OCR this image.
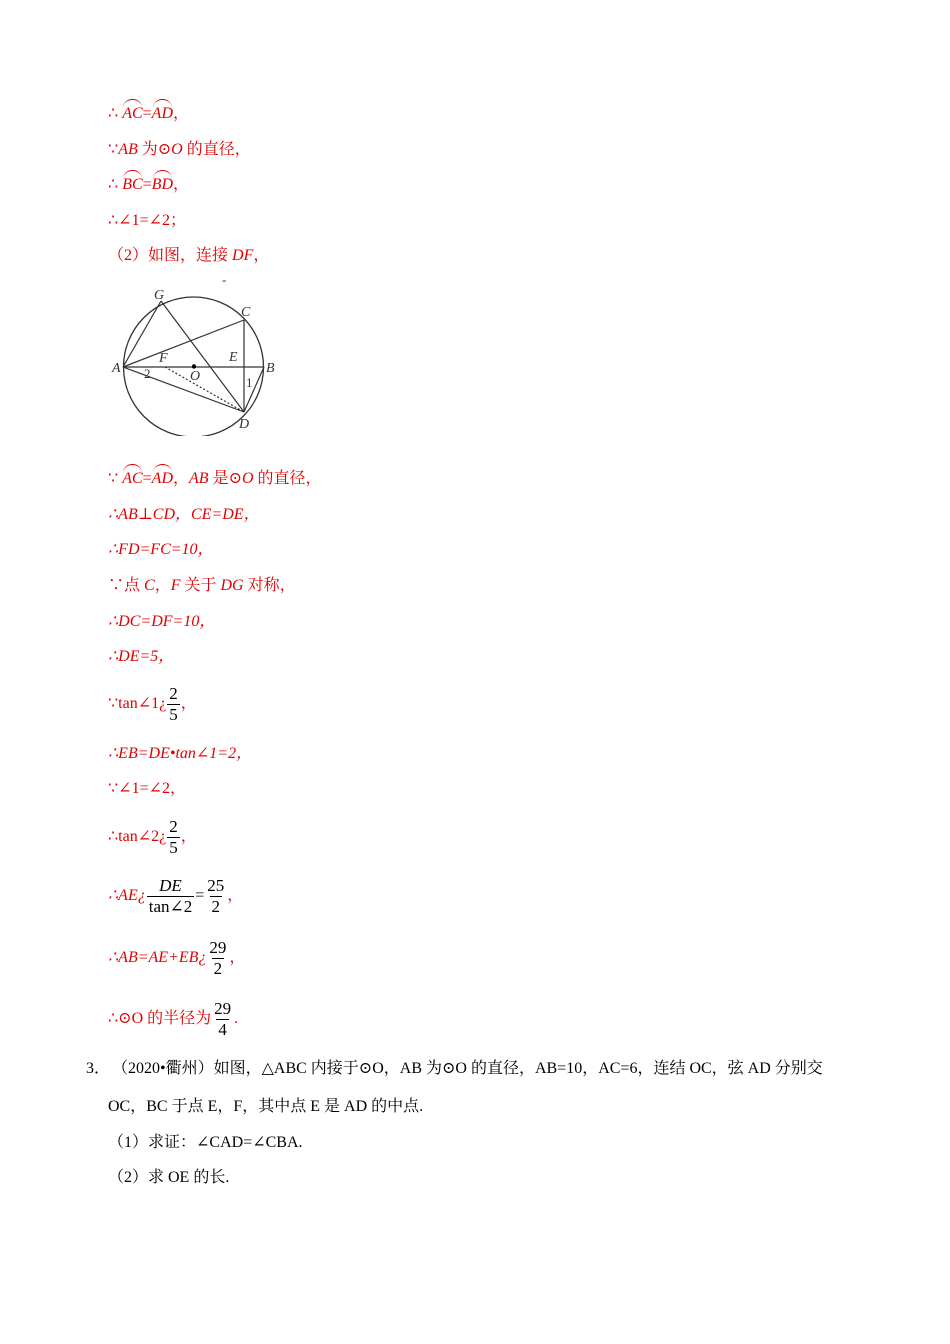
∴ AC=AD，
∵AB 为⊙O 的直径，
∴ BC=BD，
∴∠1=∠2；
（2）如图，连接 DF，
G
C
A
F
O
E
B
D
2
1
-
∵ AC=AD，AB 是⊙O 的直径，
∴AB⊥CD，CE=DE，
∴FD=FC=10，
∵点 C，F 关于 DG 对称，
∴DC=DF=10，
∴DE=5，
∵tan∠1¿ $\frac{2}{5}$ ，
∴EB=DE•tan∠1=2，
∵∠1=∠2，
∴tan∠2¿ $\frac{2}{5}$ ，
∴AE¿ $\frac{DE}{\tan\angle 2} = \frac{25}{2}$ ，
∴AB=AE+EB¿ $\frac{29}{2}$ ，
∴⊙O 的半径为 $\frac{29}{4}$ .
3． （2020•衢州）如图，△ABC 内接于⊙O，AB 为⊙O 的直径，AB=10，AC=6，连结 OC，弦 AD 分别交
OC，BC 于点 E，F，其中点 E 是 AD 的中点.
（1）求证：∠CAD=∠CBA.
（2）求 OE 的长.
